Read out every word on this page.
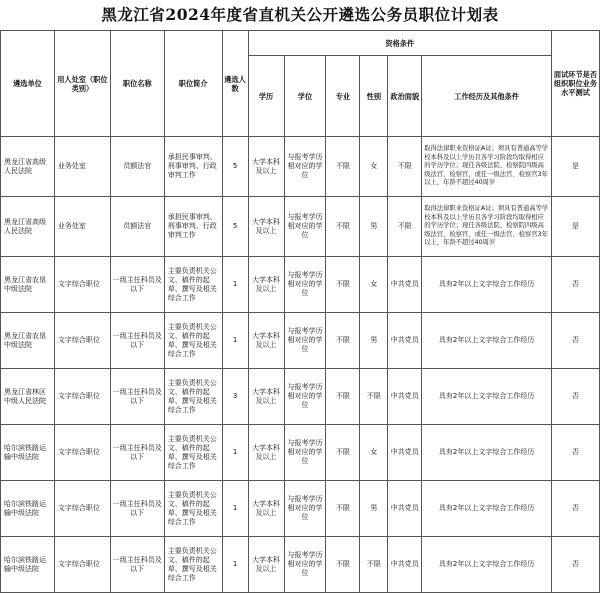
黑龙江省2024年度省直机关公开遴选公务员职位计划表
遴选单位	用人处室（职位类别）	职位名称	职位简介	遴选人数	资格条件						面试环节是否组织职位业务水平测试
					学历	学位	专业	性别	政治面貌	工作经历及其他条件	
黑龙江省高级人民法院	业务处室	员额法官	承担民事审判、刑事审判、行政审判工作	5	大学本科及以上	与报考学历相对应的学位	不限	女	不限	取得法律职业资格证A证；须具有普通高等学校本科及以上学历且各学习阶段均取得相应的学历学位；现任各级法院、检察院四级高级法官、检察官，或任一级法官、检察官3年以上，年龄不超过40周岁	是
黑龙江省高级人民法院	业务处室	员额法官	承担民事审判、刑事审判、行政审判工作	5	大学本科及以上	与报考学历相对应的学位	不限	男	不限	取得法律职业资格证A证；须具有普通高等学校本科及以上学历且各学习阶段均取得相应的学历学位；现任各级法院、检察院四级高级法官、检察官，或任一级法官、检察官3年以上，年龄不超过40周岁	是
黑龙江省农垦中级法院	文字综合职位	一级主任科员及以下	主要负责机关公文、稿件的起草、撰写及相关综合工作	1	大学本科及以上	与报考学历相对应的学位	不限	女	中共党员	具有2年以上文字综合工作经历	否
黑龙江省农垦中级法院	文字综合职位	一级主任科员及以下	主要负责机关公文、稿件的起草、撰写及相关综合工作	1	大学本科及以上	与报考学历相对应的学位	不限	男	中共党员	具有2年以上文字综合工作经历	否
黑龙江省林区中级人民法院	文字综合职位	一级主任科员及以下	主要负责机关公文、稿件的起草、撰写及相关综合工作	3	大学本科及以上	与报考学历相对应的学位	不限	不限	中共党员	具有2年以上文字综合工作经历	否
哈尔滨铁路运输中级法院	文字综合职位	一级主任科员及以下	主要负责机关公文、稿件的起草、撰写及相关综合工作	1	大学本科及以上	与报考学历相对应的学位	不限	女	中共党员	具有2年以上文字综合工作经历	否
哈尔滨铁路运输中级法院	文字综合职位	一级主任科员及以下	主要负责机关公文、稿件的起草、撰写及相关综合工作	1	大学本科及以上	与报考学历相对应的学位	不限	男	中共党员	具有2年以上文字综合工作经历	否
哈尔滨铁路运输中级法院	文字综合职位	一级主任科员及以下	主要负责机关公文、稿件的起草、撰写及相关综合工作	1	大学本科及以上	与报考学历相对应的学位	不限	不限	中共党员	具有2年以上文字综合工作经历	否
